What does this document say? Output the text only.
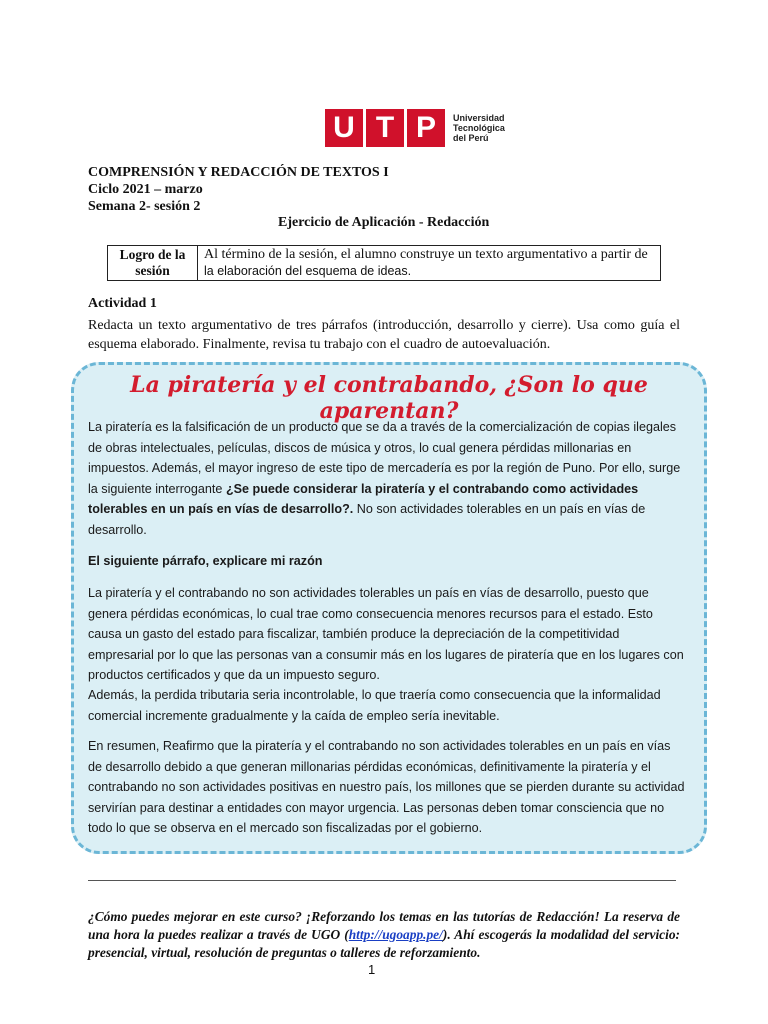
U T P	Universidad
Tecnológica
del Perú
COMPRENSIÓN Y REDACCIÓN DE TEXTOS I
Ciclo 2021 – marzo
Semana 2- sesión 2
Ejercicio de Aplicación - Redacción
Logro de la
sesión
Al término de la sesión, el alumno construye un texto argumentativo a partir de
la elaboración del esquema de ideas.
Actividad 1
Redacta un texto argumentativo de tres párrafos (introducción, desarrollo y cierre). Usa como guía el esquema elaborado. Finalmente, revisa tu trabajo con el cuadro de autoevaluación.
La piratería y el contrabando, ¿Son lo que aparentan?
La piratería es la falsificación de un producto que se da a través de la comercialización de copias ilegales de obras intelectuales, películas, discos de música y otros, lo cual genera pérdidas millonarias en impuestos. Además, el mayor ingreso de este tipo de mercadería es por la región de Puno. Por ello, surge la siguiente interrogante ¿Se puede considerar la piratería y el contrabando como actividades tolerables en un país en vías de desarrollo?. No son actividades tolerables en un país en vías de desarrollo.
El siguiente párrafo, explicare mi razón
La piratería y el contrabando no son actividades tolerables un país en vías de desarrollo, puesto que genera pérdidas económicas, lo cual trae como consecuencia menores recursos para el estado. Esto causa un gasto del estado para fiscalizar, también produce la depreciación de la competitividad empresarial por lo que las personas van a consumir más en los lugares de piratería que en los lugares con productos certificados y que da un impuesto seguro.
Además, la perdida tributaria seria incontrolable, lo que traería como consecuencia que la informalidad comercial incremente gradualmente y la caída de empleo sería inevitable.
En resumen, Reafirmo que la piratería y el contrabando no son actividades tolerables en un país en vías de desarrollo debido a que generan millonarias pérdidas económicas, definitivamente la piratería y el contrabando no son actividades positivas en nuestro país, los millones que se pierden durante su actividad servirían para destinar a entidades con mayor urgencia. Las personas deben tomar consciencia que no todo lo que se observa en el mercado son fiscalizadas por el gobierno.
¿Cómo puedes mejorar en este curso? ¡Reforzando los temas en las tutorías de Redacción! La reserva de una hora la puedes realizar a través de UGO (http://ugoapp.pe/). Ahí escogerás la modalidad del servicio: presencial, virtual, resolución de preguntas o talleres de reforzamiento.
1
